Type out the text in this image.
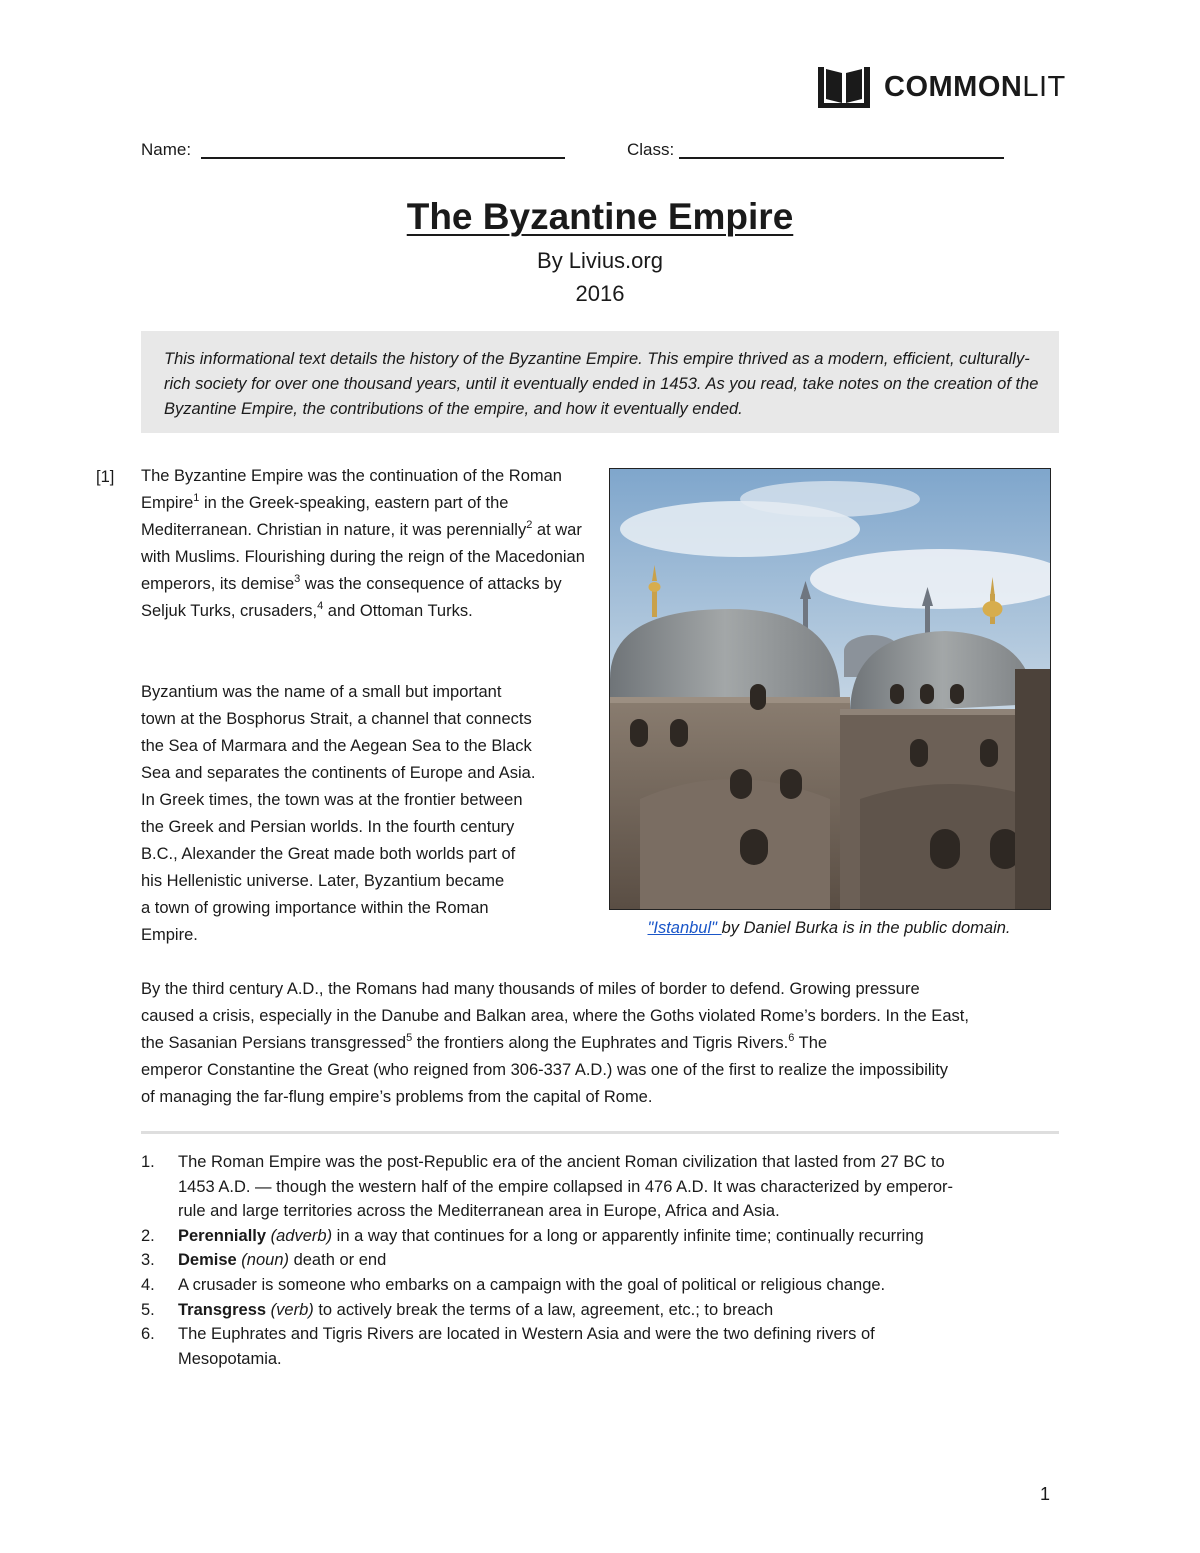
COMMONLIT
Name:	Class:
The Byzantine Empire
By Livius.org
2016
This informational text details the history of the Byzantine Empire. This empire thrived as a modern, efficient, culturally-rich society for over one thousand years, until it eventually ended in 1453. As you read, take notes on the creation of the Byzantine Empire, the contributions of the empire, and how it eventually ended.
[1] The Byzantine Empire was the continuation of the Roman Empire$^1$ in the Greek-speaking, eastern part of the Mediterranean. Christian in nature, it was perennially$^2$ at war with Muslims. Flourishing during the reign of the Macedonian emperors, its demise$^3$ was the consequence of attacks by Seljuk Turks, crusaders,$^4$ and Ottoman Turks.
Byzantium was the name of a small but important
town at the Bosphorus Strait, a channel that connects
the Sea of Marmara and the Aegean Sea to the Black
Sea and separates the continents of Europe and Asia.
In Greek times, the town was at the frontier between
the Greek and Persian worlds. In the fourth century
B.C., Alexander the Great made both worlds part of
his Hellenistic universe. Later, Byzantium became
a town of growing importance within the Roman
Empire.	"Istanbul" by Daniel Burka is in the public domain.
By the third century A.D., the Romans had many thousands of miles of border to defend. Growing pressure
caused a crisis, especially in the Danube and Balkan area, where the Goths violated Rome’s borders. In the East,
the Sasanian Persians transgressed$^5$ the frontiers along the Euphrates and Tigris Rivers.$^6$ The
emperor Constantine the Great (who reigned from 306-337 A.D.) was one of the first to realize the impossibility
of managing the far-flung empire’s problems from the capital of Rome.
1.	The Roman Empire was the post-Republic era of the ancient Roman civilization that lasted from 27 BC to
1453 A.D. — though the western half of the empire collapsed in 476 A.D. It was characterized by emperor-
rule and large territories across the Mediterranean area in Europe, Africa and Asia.
2.	Perennially (adverb) in a way that continues for a long or apparently infinite time; continually recurring
3.	Demise (noun) death or end
4.	A crusader is someone who embarks on a campaign with the goal of political or religious change.
5.	Transgress (verb) to actively break the terms of a law, agreement, etc.; to breach
6.	The Euphrates and Tigris Rivers are located in Western Asia and were the two defining rivers of
Mesopotamia.
1
